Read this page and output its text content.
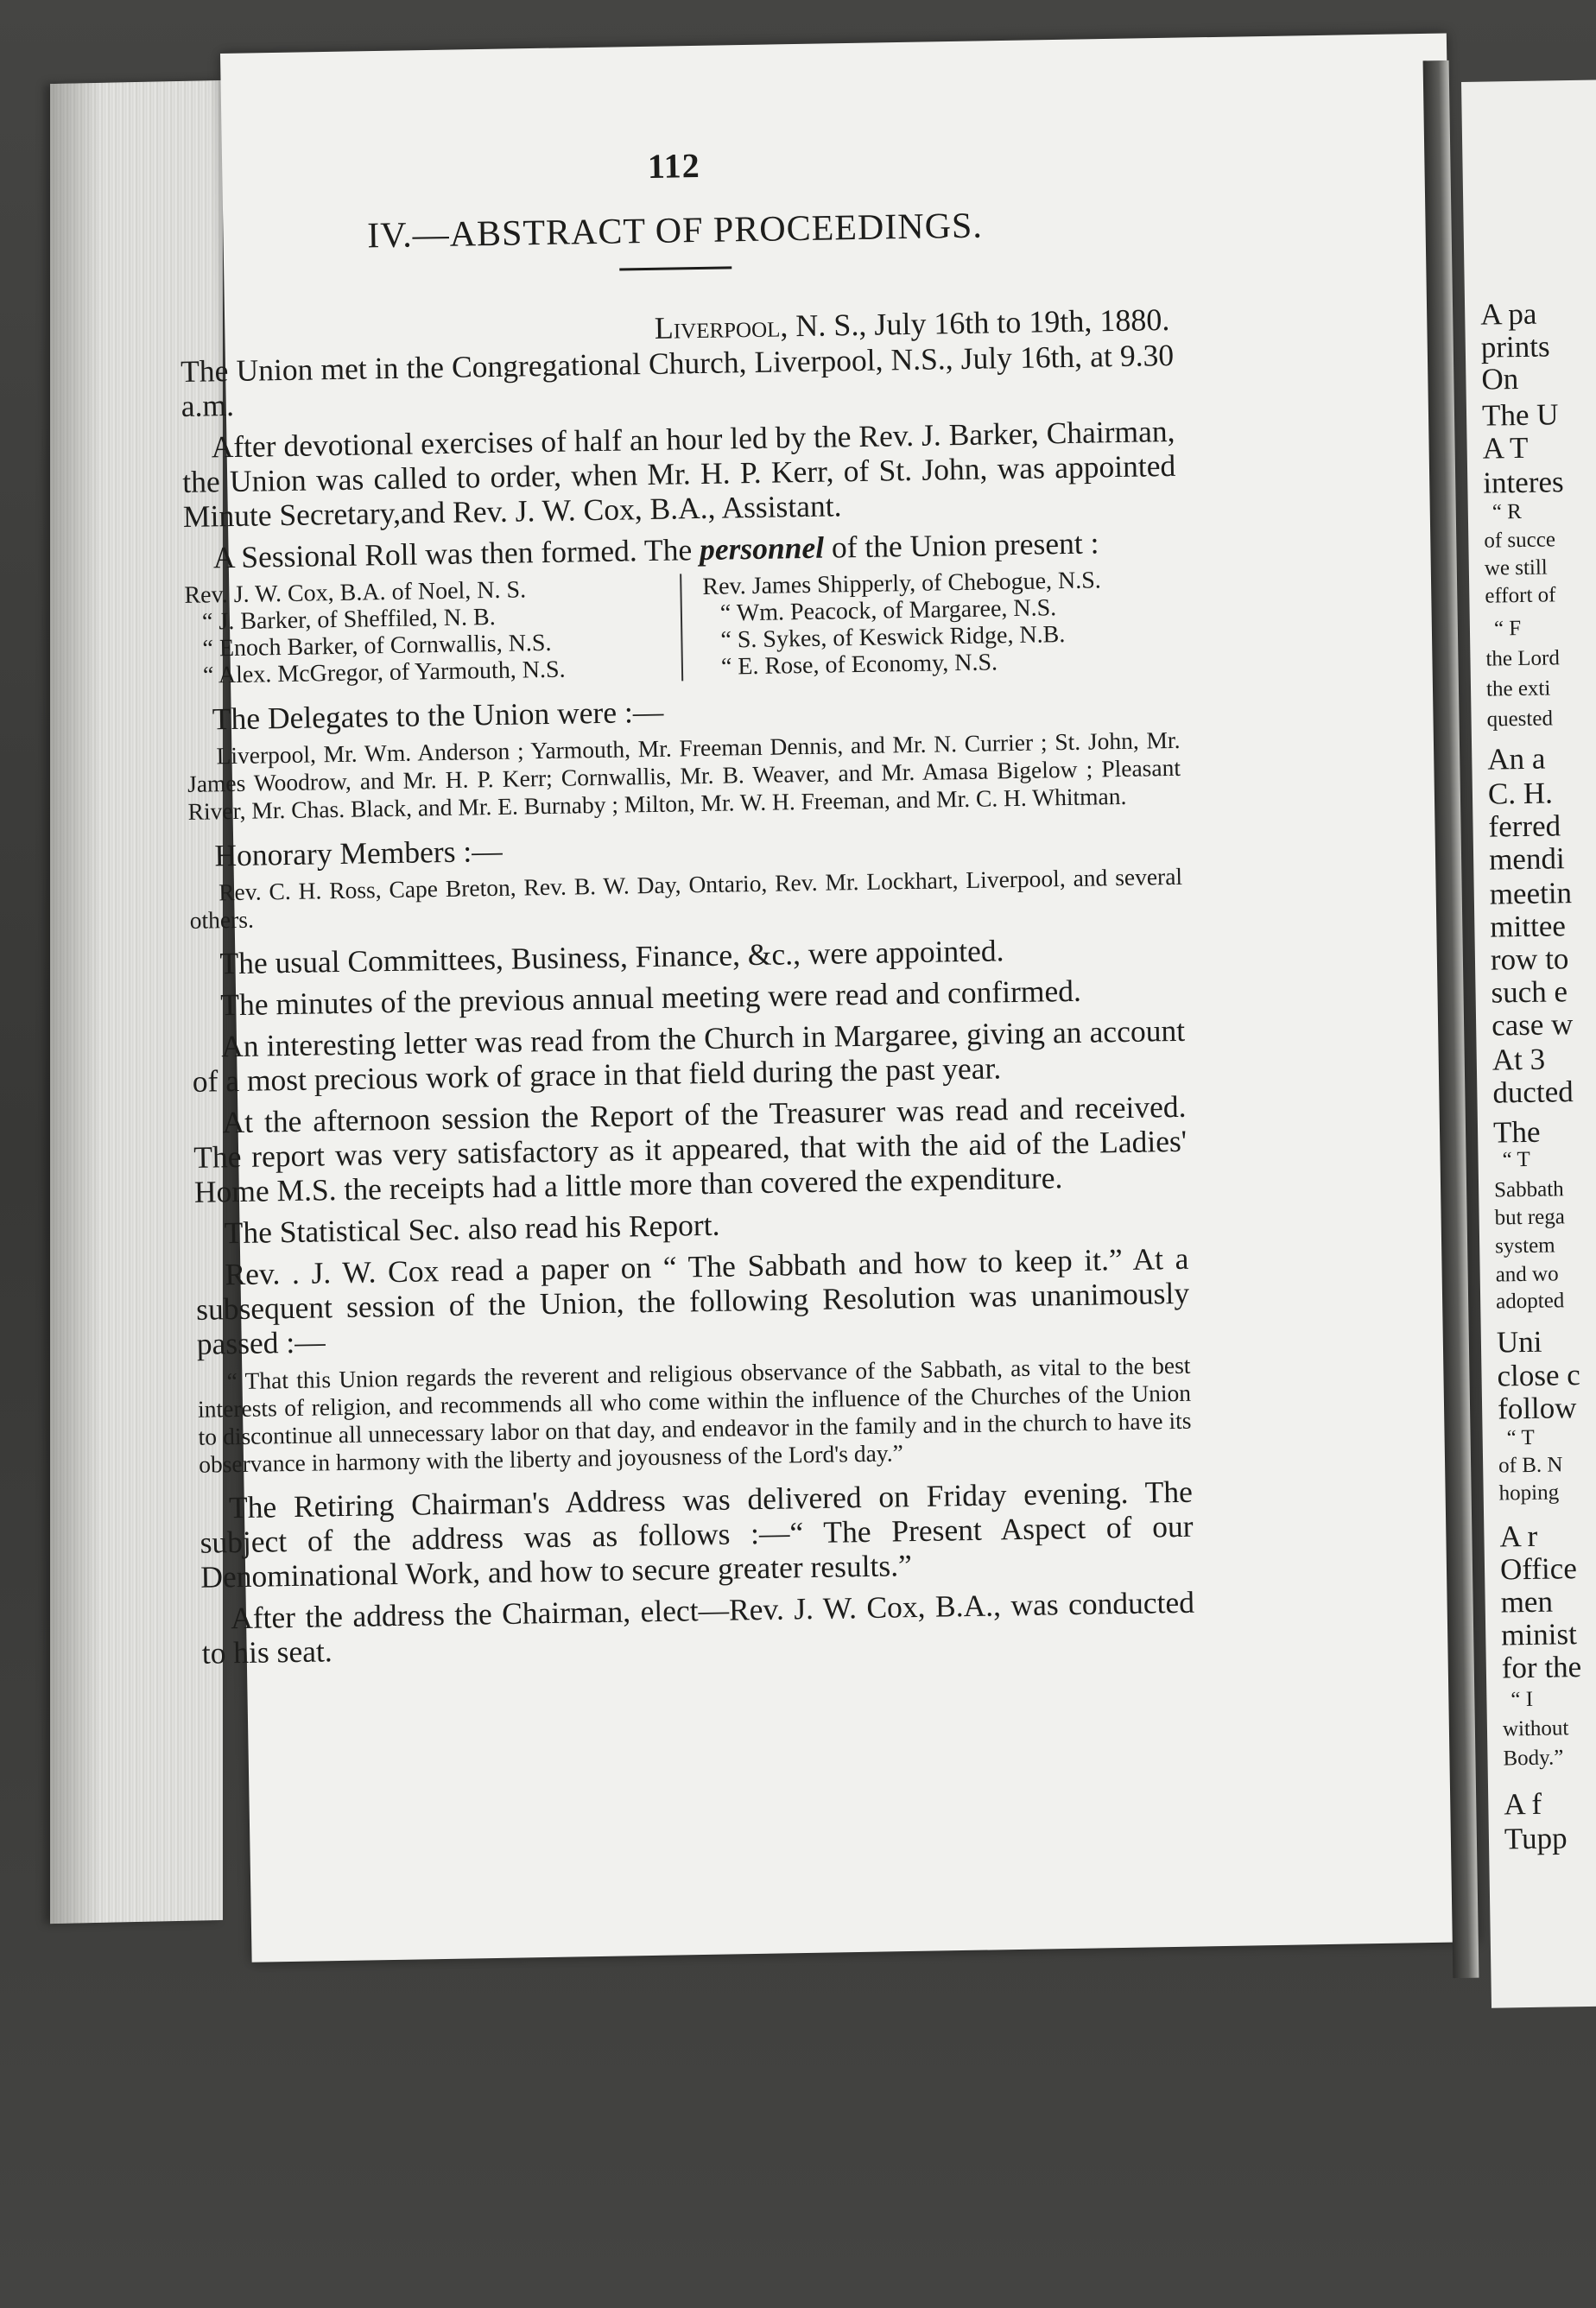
A pa
prints
On
The U
A T
interes
“ R
of succe
we still
effort of
“ F
the Lord
the exti
quested
An a
C. H.
ferred
mendi
meetin
mittee
row to
such e
case w
At 3
ducted
The
“ T
Sabbath
but rega
system
and wo
adopted
Uni
close c
follow
“ T
of B. N
hoping
A r
Office
men
minist
for the
“ I
without
Body.”
A f
Tupp
112
IV.—ABSTRACT OF PROCEEDINGS.
Liverpool, N. S., July 16th to 19th, 1880.

The Union met in the Congregational Church, Liverpool, N.S., July 16th, at 9.30 a.m.

After devotional exercises of half an hour led by the Rev. J. Barker, Chairman, the Union was called to order, when Mr. H. P. Kerr, of St. John, was appointed Minute Secretary,and Rev. J. W. Cox, B.A., Assistant.

A Sessional Roll was then formed. The personnel of the Union present :

Rev. J. W. Cox, B.A. of Noel, N. S.
“ J. Barker, of Sheffiled, N. B.
“ Enoch Barker, of Cornwallis, N.S.
“ Alex. McGregor, of Yarmouth, N.S.
Rev. James Shipperly, of Chebogue, N.S.
“ Wm. Peacock, of Margaree, N.S.
“ S. Sykes, of Keswick Ridge, N.B.
“ E. Rose, of Economy, N.S.
The Delegates to the Union were :—

Liverpool, Mr. Wm. Anderson ; Yarmouth, Mr. Freeman Dennis, and Mr. N. Currier ; St. John, Mr. James Woodrow, and Mr. H. P. Kerr; Cornwallis, Mr. B. Weaver, and Mr. Amasa Bigelow ; Pleasant River, Mr. Chas. Black, and Mr. E. Burnaby ; Milton, Mr. W. H. Freeman, and Mr. C. H. Whitman.

Honorary Members :—

Rev. C. H. Ross, Cape Breton, Rev. B. W. Day, Ontario, Rev. Mr. Lockhart, Liverpool, and several others.

The usual Committees, Business, Finance, &c., were appointed.

The minutes of the previous annual meeting were read and confirmed.

An interesting letter was read from the Church in Margaree, giving an account of a most precious work of grace in that field during the past year.

At the afternoon session the Report of the Treasurer was read and received. The report was very satisfactory as it appeared, that with the aid of the Ladies' Home M.S. the receipts had a little more than covered the expenditure.

The Statistical Sec. also read his Report.

Rev. . J. W. Cox read a paper on “ The Sabbath and how to keep it.” At a subsequent session of the Union, the following Resolution was unanimously passed :—

“ That this Union regards the reverent and religious observance of the Sabbath, as vital to the best interests of religion, and recommends all who come within the influence of the Churches of the Union to discontinue all unnecessary labor on that day, and endeavor in the family and in the church to have its observance in harmony with the liberty and joyousness of the Lord's day.”

The Retiring Chairman's Address was delivered on Friday evening. The subject of the address was as follows :—“ The Present Aspect of our Denominational Work, and how to secure greater results.”

After the address the Chairman, elect—Rev. J. W. Cox, B.A., was conducted to his seat.
